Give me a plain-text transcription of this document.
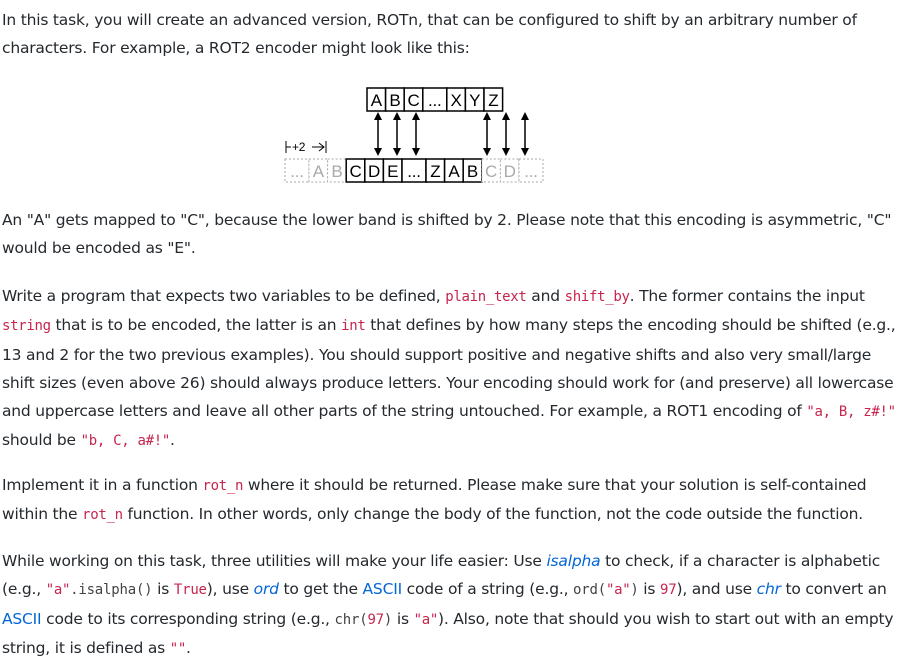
In this task, you will create an advanced version, ROTn, that can be configured to shift by an arbitrary number of characters. For example, a ROT2 encoder might look like this:

A B C ... X Y Z
... A B C D E ... Z A B C D ...
+2

An "A" gets mapped to "C", because the lower band is shifted by 2. Please note that this encoding is asymmetric, "C" would be encoded as "E".

Write a program that expects two variables to be defined, plain_text and shift_by. The former contains the input string that is to be encoded, the latter is an int that defines by how many steps the encoding should be shifted (e.g., 13 and 2 for the two previous examples). You should support positive and negative shifts and also very small/large shift sizes (even above 26) should always produce letters. Your encoding should work for (and preserve) all lowercase and uppercase letters and leave all other parts of the string untouched. For example, a ROT1 encoding of "a, B, z#!" should be "b, C, a#!".

Implement it in a function rot_n where it should be returned. Please make sure that your solution is self-contained within the rot_n function. In other words, only change the body of the function, not the code outside the function.

While working on this task, three utilities will make your life easier: Use isalpha to check, if a character is alphabetic (e.g., "a".isalpha() is True), use ord to get the ASCII code of a string (e.g., ord("a") is 97), and use chr to convert an ASCII code to its corresponding string (e.g., chr(97) is "a"). Also, note that should you wish to start out with an empty string, it is defined as "".
